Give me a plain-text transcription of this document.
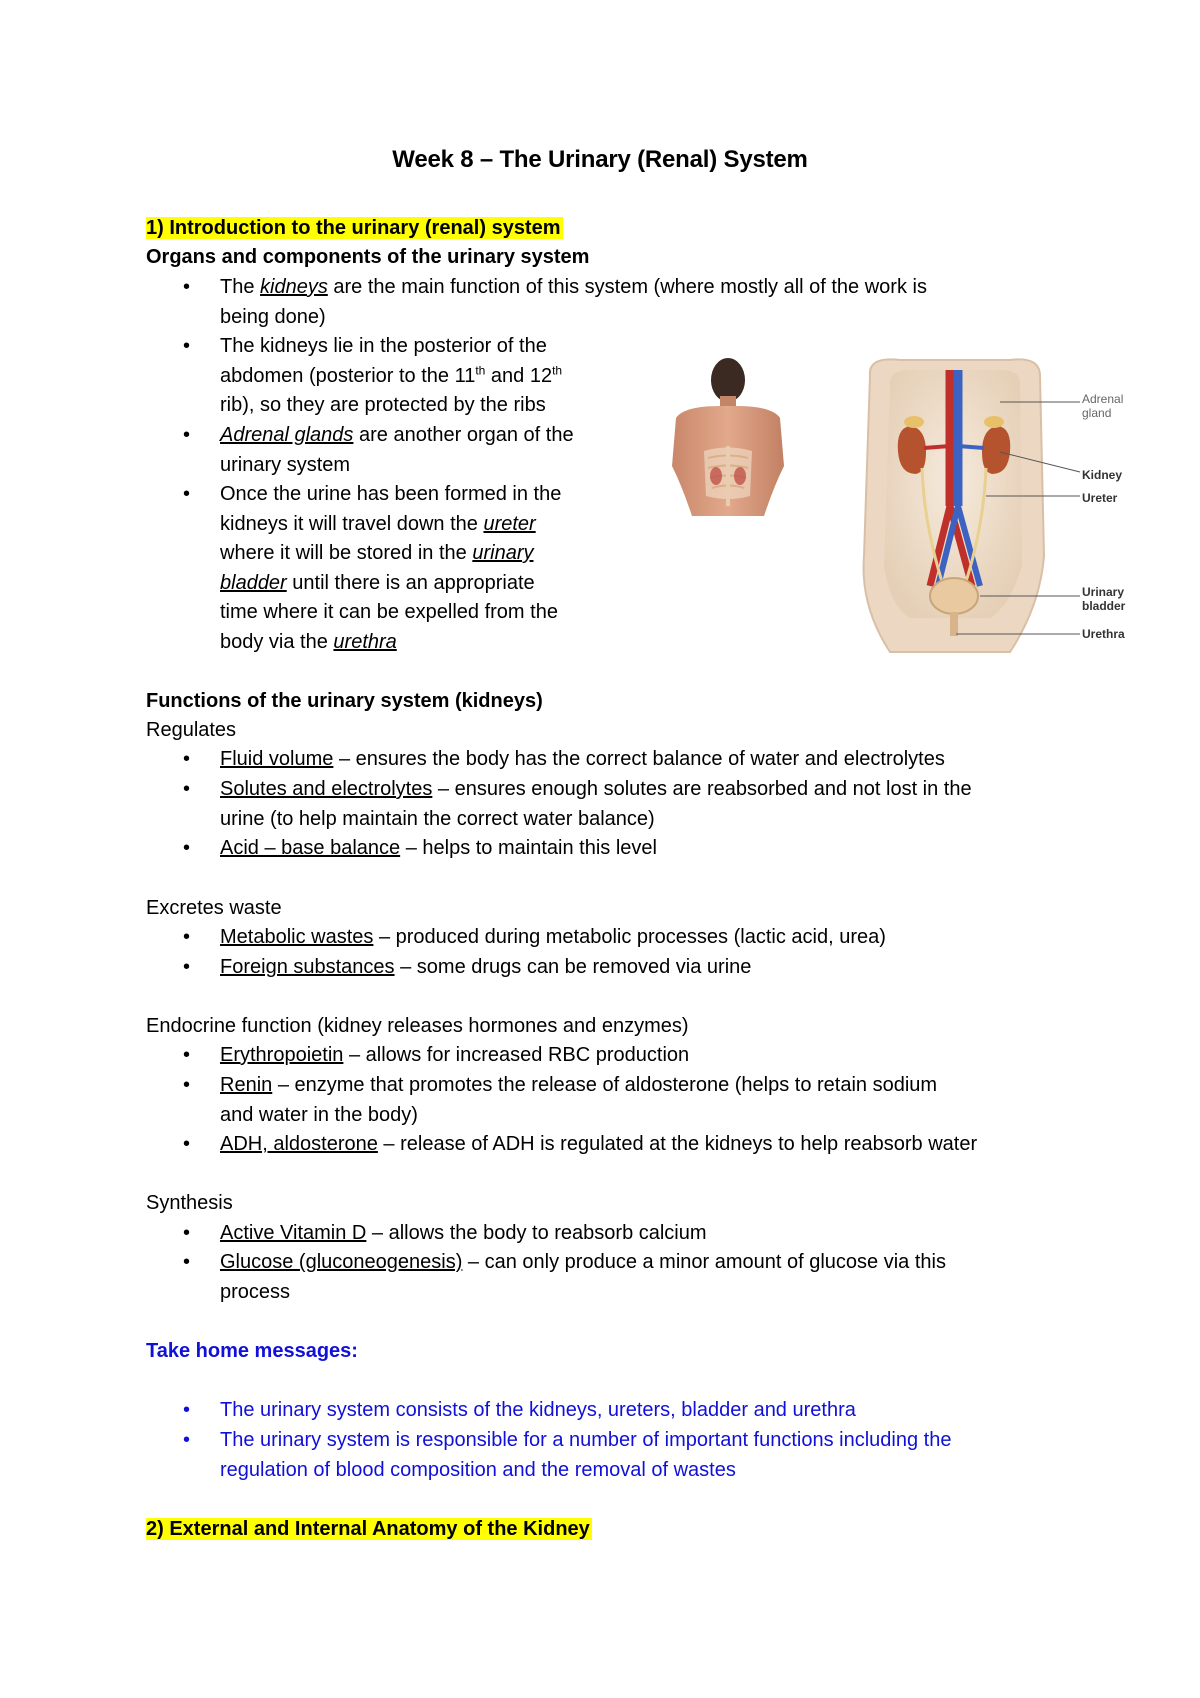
Week 8 – The Urinary (Renal) System
1) Introduction to the urinary (renal) system
Organs and components of the urinary system
The kidneys are the main function of this system (where mostly all of the work is
being done)
The kidneys lie in the posterior of the
abdomen (posterior to the 11th and 12th
rib), so they are protected by the ribs
Adrenal glands are another organ of the
urinary system
Once the urine has been formed in the
kidneys it will travel down the ureter
where it will be stored in the urinary
bladder until there is an appropriate
time where it can be expelled from the
body via the urethra
Adrenal
gland
Kidney
Ureter
Urinary
bladder
Urethra
Functions of the urinary system (kidneys)
Regulates
Fluid volume – ensures the body has the correct balance of water and electrolytes
Solutes and electrolytes – ensures enough solutes are reabsorbed and not lost in the
urine (to help maintain the correct water balance)
Acid – base balance – helps to maintain this level
Excretes waste
Metabolic wastes – produced during metabolic processes (lactic acid, urea)
Foreign substances – some drugs can be removed via urine
Endocrine function (kidney releases hormones and enzymes)
Erythropoietin – allows for increased RBC production
Renin – enzyme that promotes the release of aldosterone (helps to retain sodium
and water in the body)
ADH, aldosterone – release of ADH is regulated at the kidneys to help reabsorb water
Synthesis
Active Vitamin D – allows the body to reabsorb calcium
Glucose (gluconeogenesis) – can only produce a minor amount of glucose via this
process
Take home messages:
The urinary system consists of the kidneys, ureters, bladder and urethra
The urinary system is responsible for a number of important functions including the
regulation of blood composition and the removal of wastes
2) External and Internal Anatomy of the Kidney
